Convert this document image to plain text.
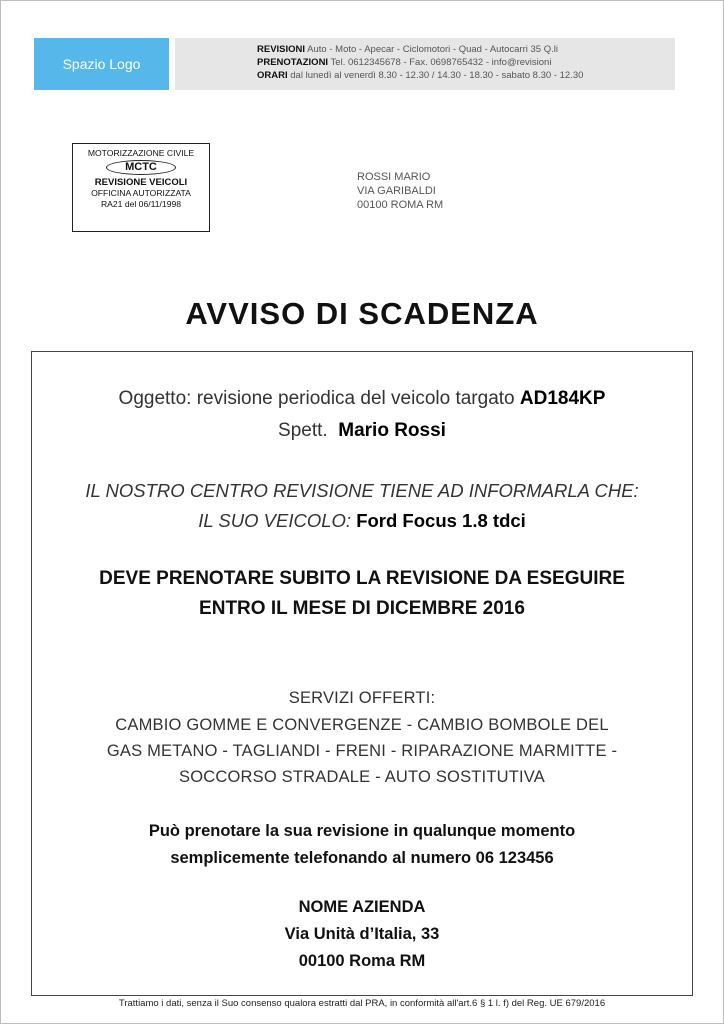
Spazio Logo
REVISIONI Auto - Moto - Apecar - Ciclomotori - Quad - Autocarri 35 Q.li
PRENOTAZIONI Tel. 0612345678 - Fax. 0698765432 - info@revisioni
ORARI dal lunedì al venerdì 8.30 - 12.30 / 14.30 - 18.30 - sabato 8.30 - 12.30
MOTORIZZAZIONE CIVILE
MCTC
REVISIONE VEICOLI
OFFICINA AUTORIZZATA
RA21 del 06/11/1998
ROSSI MARIO
VIA GARIBALDI
00100 ROMA RM
AVVISO DI SCADENZA
Oggetto: revisione periodica del veicolo targato AD184KP
Spett. Mario Rossi
IL NOSTRO CENTRO REVISIONE TIENE AD INFORMARLA CHE:
IL SUO VEICOLO: Ford Focus 1.8 tdci
DEVE PRENOTARE SUBITO LA REVISIONE DA ESEGUIRE
ENTRO IL MESE DI DICEMBRE 2016
SERVIZI OFFERTI:
CAMBIO GOMME E CONVERGENZE - CAMBIO BOMBOLE DEL
GAS METANO - TAGLIANDI - FRENI - RIPARAZIONE MARMITTE -
SOCCORSO STRADALE - AUTO SOSTITUTIVA
Può prenotare la sua revisione in qualunque momento
semplicemente telefonando al numero 06 123456
NOME AZIENDA
Via Unità d’Italia, 33
00100 Roma RM
Trattiamo i dati, senza il Suo consenso qualora estratti dal PRA, in conformità all'art.6 § 1 l. f) del Reg. UE 679/2016
